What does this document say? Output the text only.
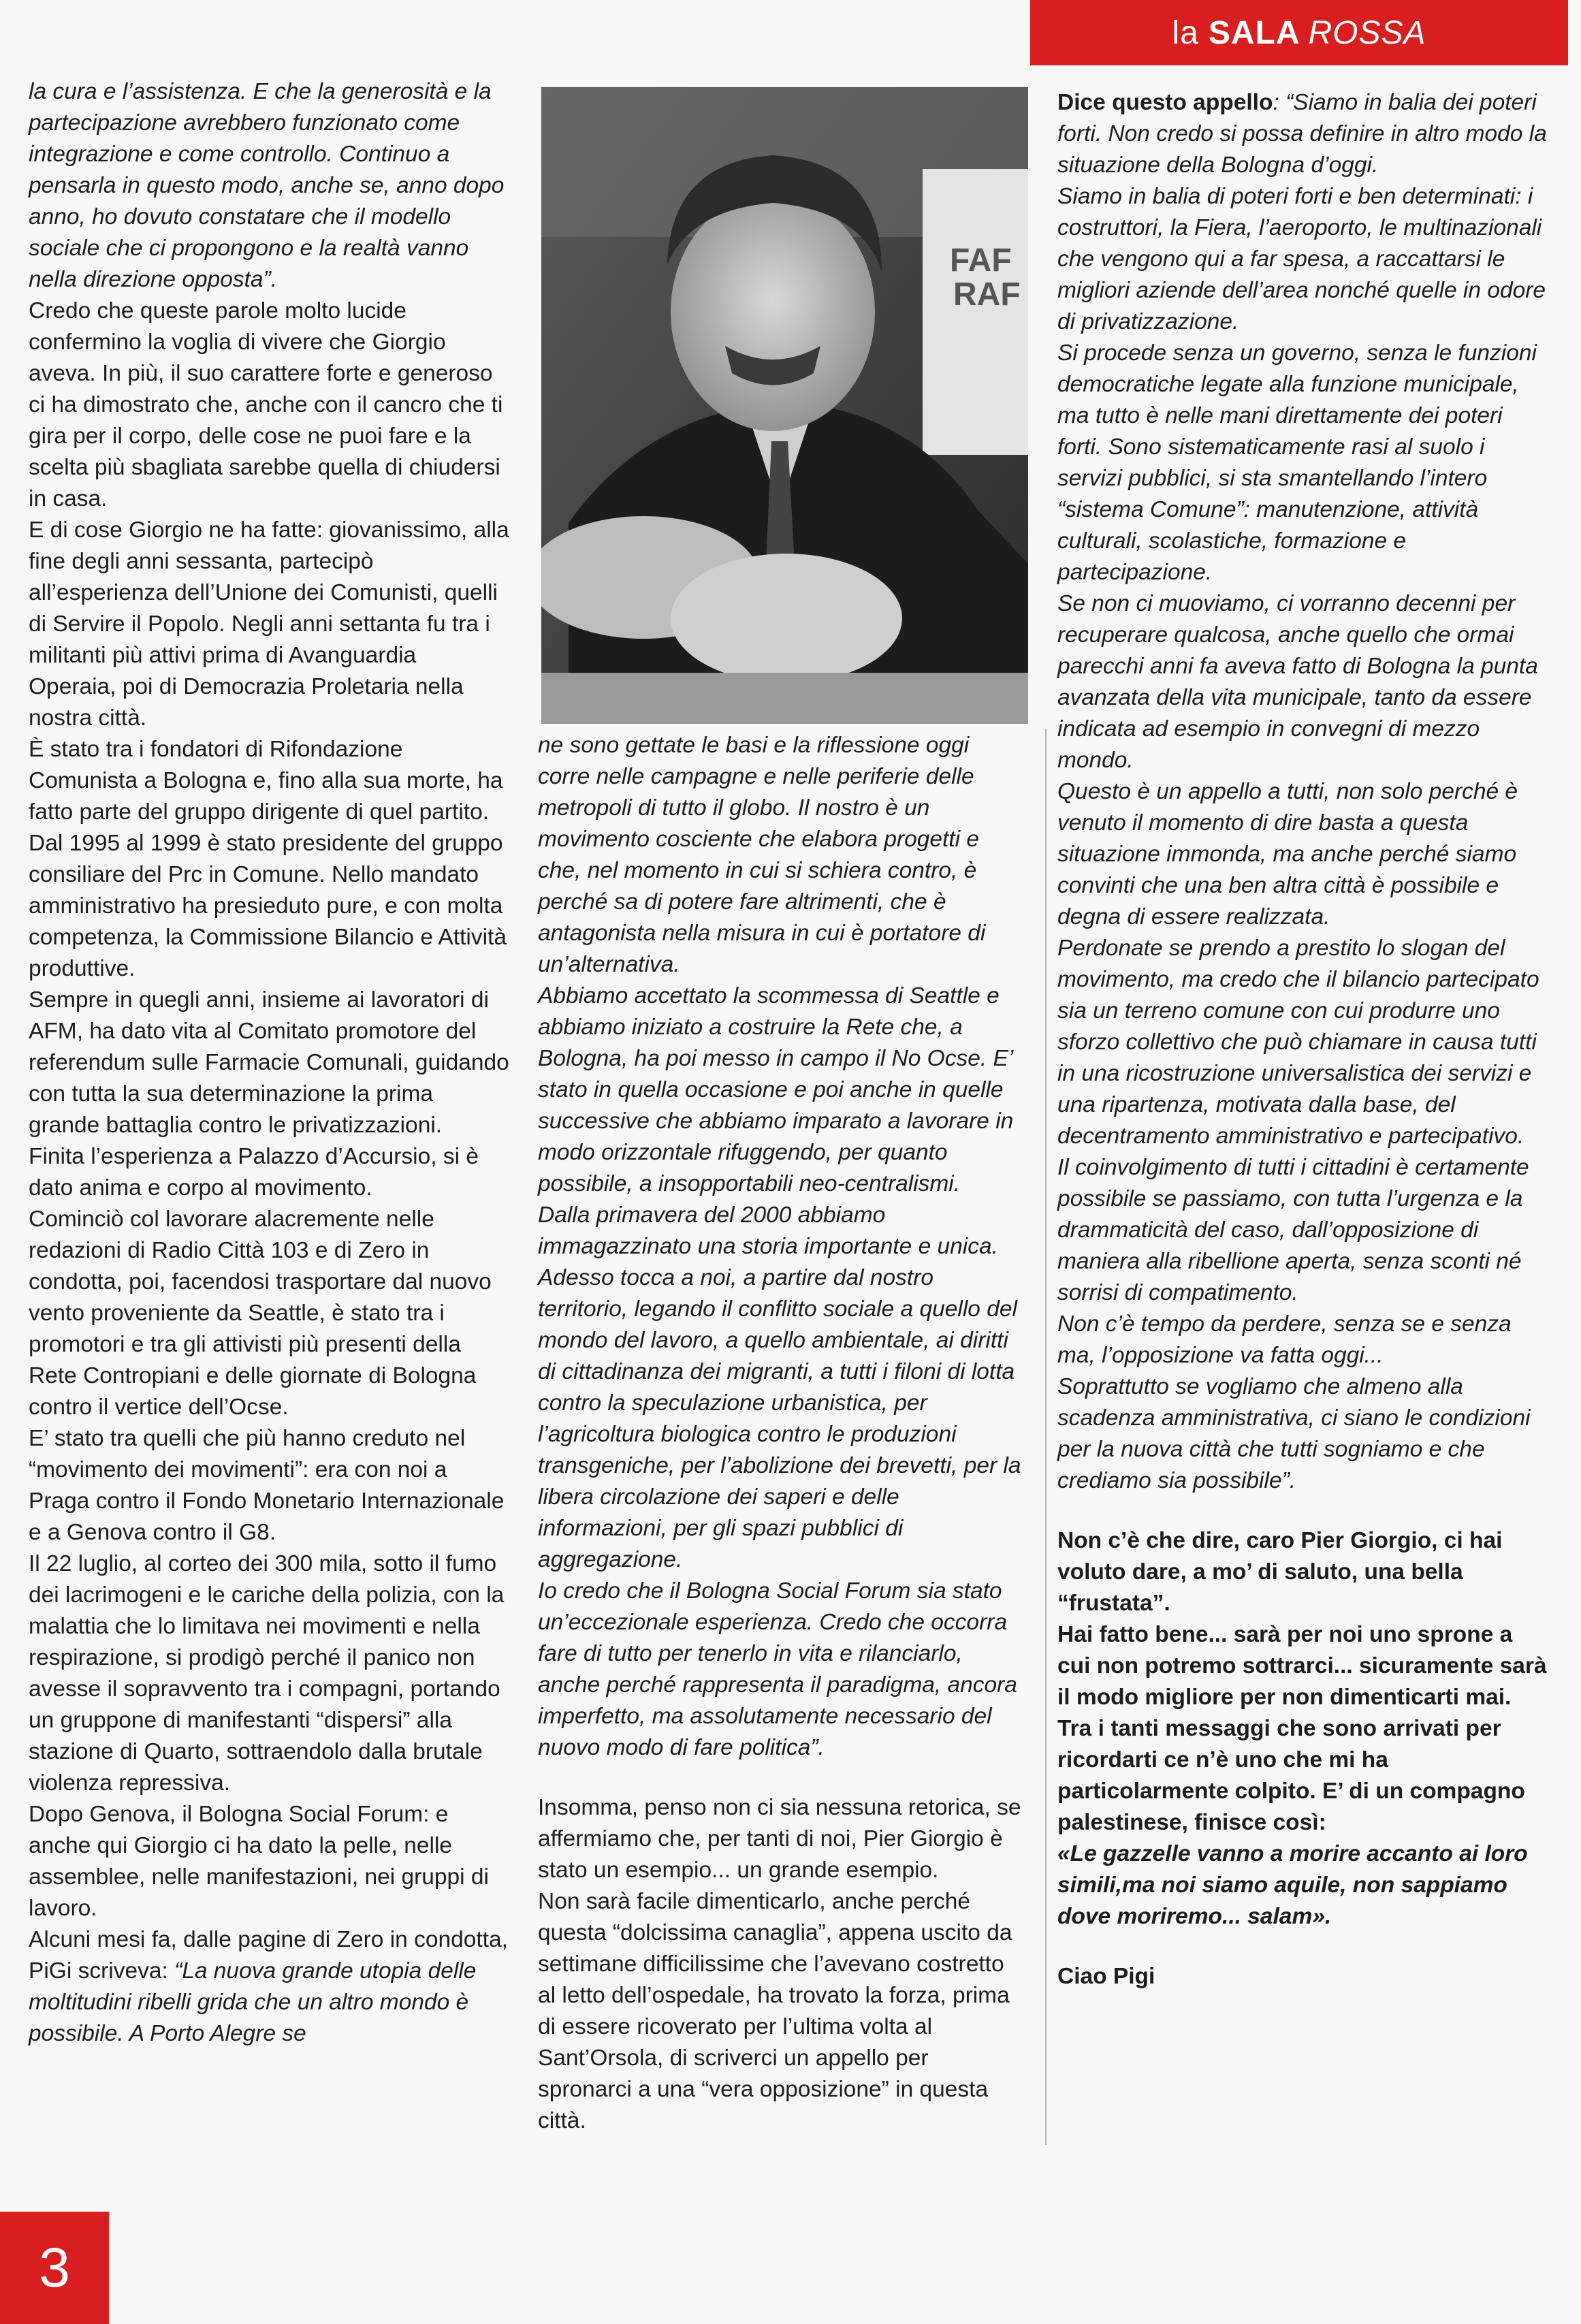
la SALA ROSSA
FAF
RAF

la cura e l’assistenza. E che la generosità e la partecipazione avrebbero funzionato come integrazione e come controllo. Continuo a pensarla in questo modo, anche se, anno dopo anno, ho dovuto constatare che il modello sociale che ci propongono e la realtà vanno nella direzione opposta”.

Credo che queste parole molto lucide confermino la voglia di vivere che Giorgio aveva. In più, il suo carattere forte e generoso ci ha dimostrato che, anche con il cancro che ti gira per il corpo, delle cose ne puoi fare e la scelta più sbagliata sarebbe quella di chiudersi in casa.

E di cose Giorgio ne ha fatte: giovanissimo, alla fine degli anni sessanta, partecipò all’esperienza dell’Unione dei Comunisti, quelli di Servire il Popolo. Negli anni settanta fu tra i militanti più attivi prima di Avanguardia Operaia, poi di Democrazia Proletaria nella nostra città.

È stato tra i fondatori di Rifondazione Comunista a Bologna e, fino alla sua morte, ha fatto parte del gruppo dirigente di quel partito.

Dal 1995 al 1999 è stato presidente del gruppo consiliare del Prc in Comune. Nello mandato amministrativo ha presieduto pure, e con molta competenza, la Commissione Bilancio e Attività produttive.

Sempre in quegli anni, insieme ai lavoratori di AFM, ha dato vita al Comitato promotore del referendum sulle Farmacie Comunali, guidando con tutta la sua determinazione la prima grande battaglia contro le privatizzazioni.

Finita l’esperienza a Palazzo d’Accursio, si è dato anima e corpo al movimento.

Cominciò col lavorare alacremente nelle redazioni di Radio Città 103 e di Zero in condotta, poi, facendosi trasportare dal nuovo vento proveniente da Seattle, è stato tra i promotori e tra gli attivisti più presenti della Rete Contropiani e delle giornate di Bologna contro il vertice dell’Ocse.

E’ stato tra quelli che più hanno creduto nel “movimento dei movimenti”: era con noi a Praga contro il Fondo Monetario Internazionale e a Genova contro il G8.

Il 22 luglio, al corteo dei 300 mila, sotto il fumo dei lacrimogeni e le cariche della polizia, con la malattia che lo limitava nei movimenti e nella respirazione, si prodigò perché il panico non avesse il sopravvento tra i compagni, portando un gruppone di manifestanti “dispersi” alla stazione di Quarto, sottraendolo dalla brutale violenza repressiva.

Dopo Genova, il Bologna Social Forum: e anche qui Giorgio ci ha dato la pelle, nelle assemblee, nelle manifestazioni, nei gruppi di lavoro.

Alcuni mesi fa, dalle pagine di Zero in condotta, PiGi scriveva: “La nuova grande utopia delle moltitudini ribelli grida che un altro mondo è possibile. A Porto Alegre se

ne sono gettate le basi e la riflessione oggi corre nelle campagne e nelle periferie delle metropoli di tutto il globo. Il nostro è un movimento cosciente che elabora progetti e che, nel momento in cui si schiera contro, è perché sa di potere fare altrimenti, che è antagonista nella misura in cui è portatore di un’alternativa.

Abbiamo accettato la scommessa di Seattle e abbiamo iniziato a costruire la Rete che, a Bologna, ha poi messo in campo il No Ocse. E’ stato in quella occasione e poi anche in quelle successive che abbiamo imparato a lavorare in modo orizzontale rifuggendo, per quanto possibile, a insopportabili neo-centralismi.

Dalla primavera del 2000 abbiamo immagazzinato una storia importante e unica.

Adesso tocca a noi, a partire dal nostro territorio, legando il conflitto sociale a quello del mondo del lavoro, a quello ambientale, ai diritti di cittadinanza dei migranti, a tutti i filoni di lotta contro la speculazione urbanistica, per l’agricoltura biologica contro le produzioni transgeniche, per l’abolizione dei brevetti, per la libera circolazione dei saperi e delle informazioni, per gli spazi pubblici di aggregazione.

Io credo che il Bologna Social Forum sia stato un’eccezionale esperienza. Credo che occorra fare di tutto per tenerlo in vita e rilanciarlo, anche perché rappresenta il paradigma, ancora imperfetto, ma assolutamente necessario del nuovo modo di fare politica”.

Insomma, penso non ci sia nessuna retorica, se affermiamo che, per tanti di noi, Pier Giorgio è stato un esempio... un grande esempio.

Non sarà facile dimenticarlo, anche perché questa “dolcissima canaglia”, appena uscito da settimane difficilissime che l’avevano costretto al letto dell’ospedale, ha trovato la forza, prima di essere ricoverato per l’ultima volta al Sant’Orsola, di scriverci un appello per spronarci a una “vera opposizione” in questa città.

Dice questo appello: “Siamo in balia dei poteri forti. Non credo si possa definire in altro modo la situazione della Bologna d’oggi.

Siamo in balia di poteri forti e ben determinati: i costruttori, la Fiera, l’aeroporto, le multinazionali che vengono qui a far spesa, a raccattarsi le migliori aziende dell’area nonché quelle in odore di privatizzazione.

Si procede senza un governo, senza le funzioni democratiche legate alla funzione municipale, ma tutto è nelle mani direttamente dei poteri forti. Sono sistematicamente rasi al suolo i servizi pubblici, si sta smantellando l’intero “sistema Comune”: manutenzione, attività culturali, scolastiche, formazione e partecipazione.

Se non ci muoviamo, ci vorranno decenni per recuperare qualcosa, anche quello che ormai parecchi anni fa aveva fatto di Bologna la punta avanzata della vita municipale, tanto da essere indicata ad esempio in convegni di mezzo mondo.

Questo è un appello a tutti, non solo perché è venuto il momento di dire basta a questa situazione immonda, ma anche perché siamo convinti che una ben altra città è possibile e degna di essere realizzata.

Perdonate se prendo a prestito lo slogan del movimento, ma credo che il bilancio partecipato sia un terreno comune con cui produrre uno sforzo collettivo che può chiamare in causa tutti in una ricostruzione universalistica dei servizi e una ripartenza, motivata dalla base, del decentramento amministrativo e partecipativo.

Il coinvolgimento di tutti i cittadini è certamente possibile se passiamo, con tutta l’urgenza e la drammaticità del caso, dall’opposizione di maniera alla ribellione aperta, senza sconti né sorrisi di compatimento.

Non c’è tempo da perdere, senza se e senza ma, l’opposizione va fatta oggi...

Soprattutto se vogliamo che almeno alla scadenza amministrativa, ci siano le condizioni per la nuova città che tutti sogniamo e che crediamo sia possibile”.

Non c’è che dire, caro Pier Giorgio, ci hai voluto dare, a mo’ di saluto, una bella “frustata”.

Hai fatto bene... sarà per noi uno sprone a cui non potremo sottrarci... sicuramente sarà il modo migliore per non dimenticarti mai.

Tra i tanti messaggi che sono arrivati per ricordarti ce n’è uno che mi ha particolarmente colpito. E’ di un compagno palestinese, finisce così:

«Le gazzelle vanno a morire accanto ai loro simili,ma noi siamo aquile, non sappiamo dove moriremo... salam».

Ciao Pigi

3
